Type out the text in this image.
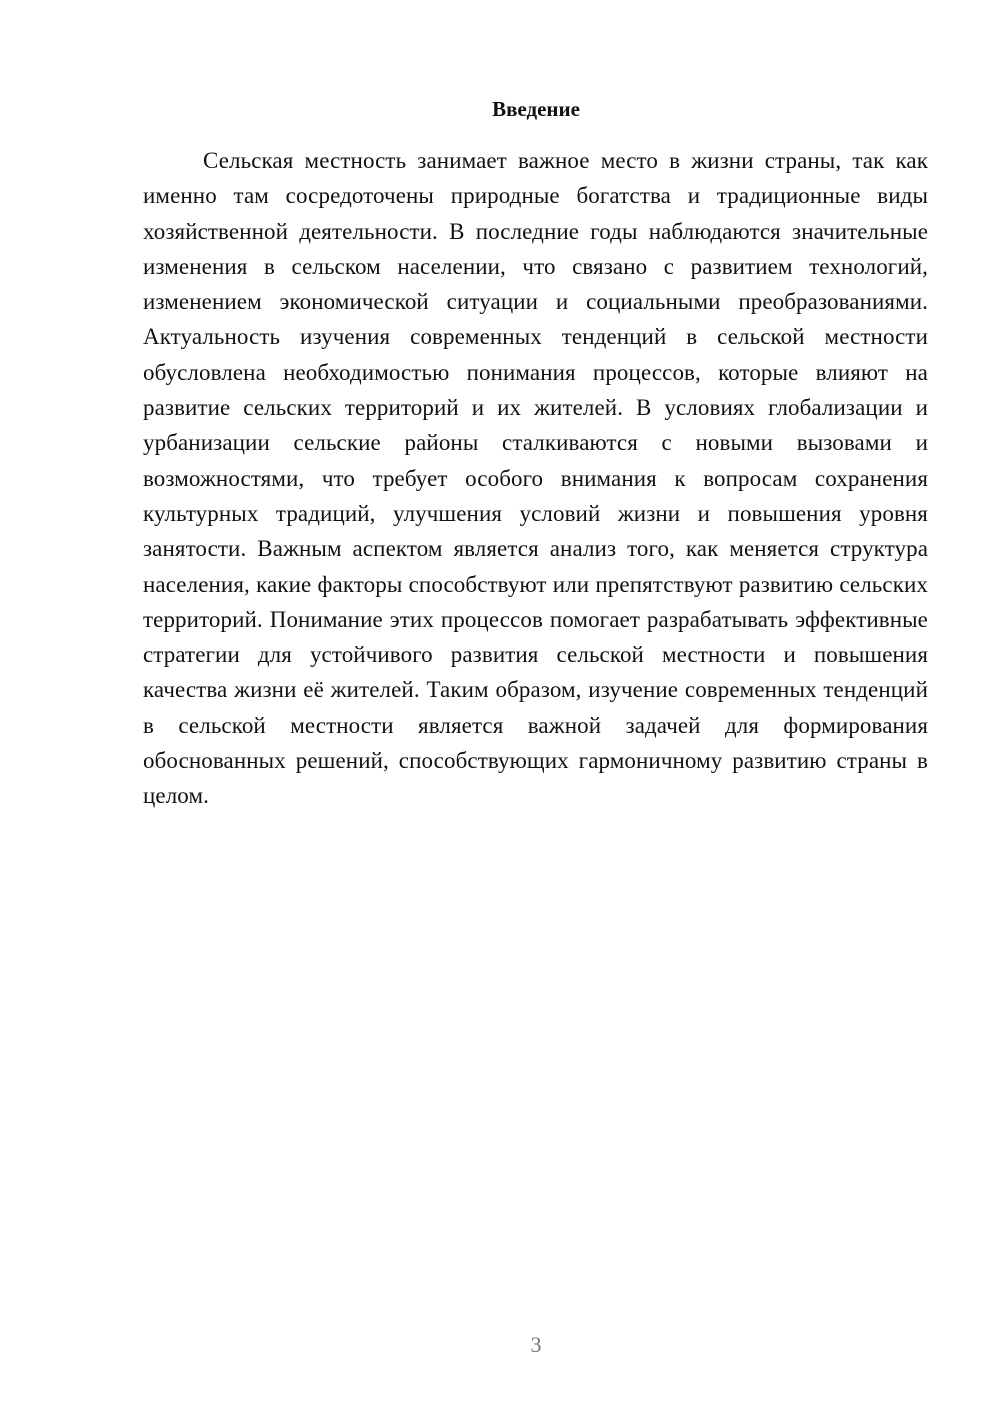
Введение

Сельская местность занимает важное место в жизни страны, так как именно там сосредоточены природные богатства и традиционные виды хозяйственной деятельности. В последние годы наблюдаются значительные изменения в сельском населении, что связано с развитием технологий, изменением экономической ситуации и социальными преобразованиями. Актуальность изучения современных тенденций в сельской местности обусловлена необходимостью понимания процессов, которые влияют на развитие сельских территорий и их жителей. В условиях глобализации и урбанизации сельские районы сталкиваются с новыми вызовами и возможностями, что требует особого внимания к вопросам сохранения культурных традиций, улучшения условий жизни и повышения уровня занятости. Важным аспектом является анализ того, как меняется структура населения, какие факторы способствуют или препятствуют развитию сельских территорий. Понимание этих процессов помогает разрабатывать эффективные стратегии для устойчивого развития сельской местности и повышения качества жизни её жителей. Таким образом, изучение современных тенденций в сельской местности является важной задачей для формирования обоснованных решений, способствующих гармоничному развитию страны в целом.

3
